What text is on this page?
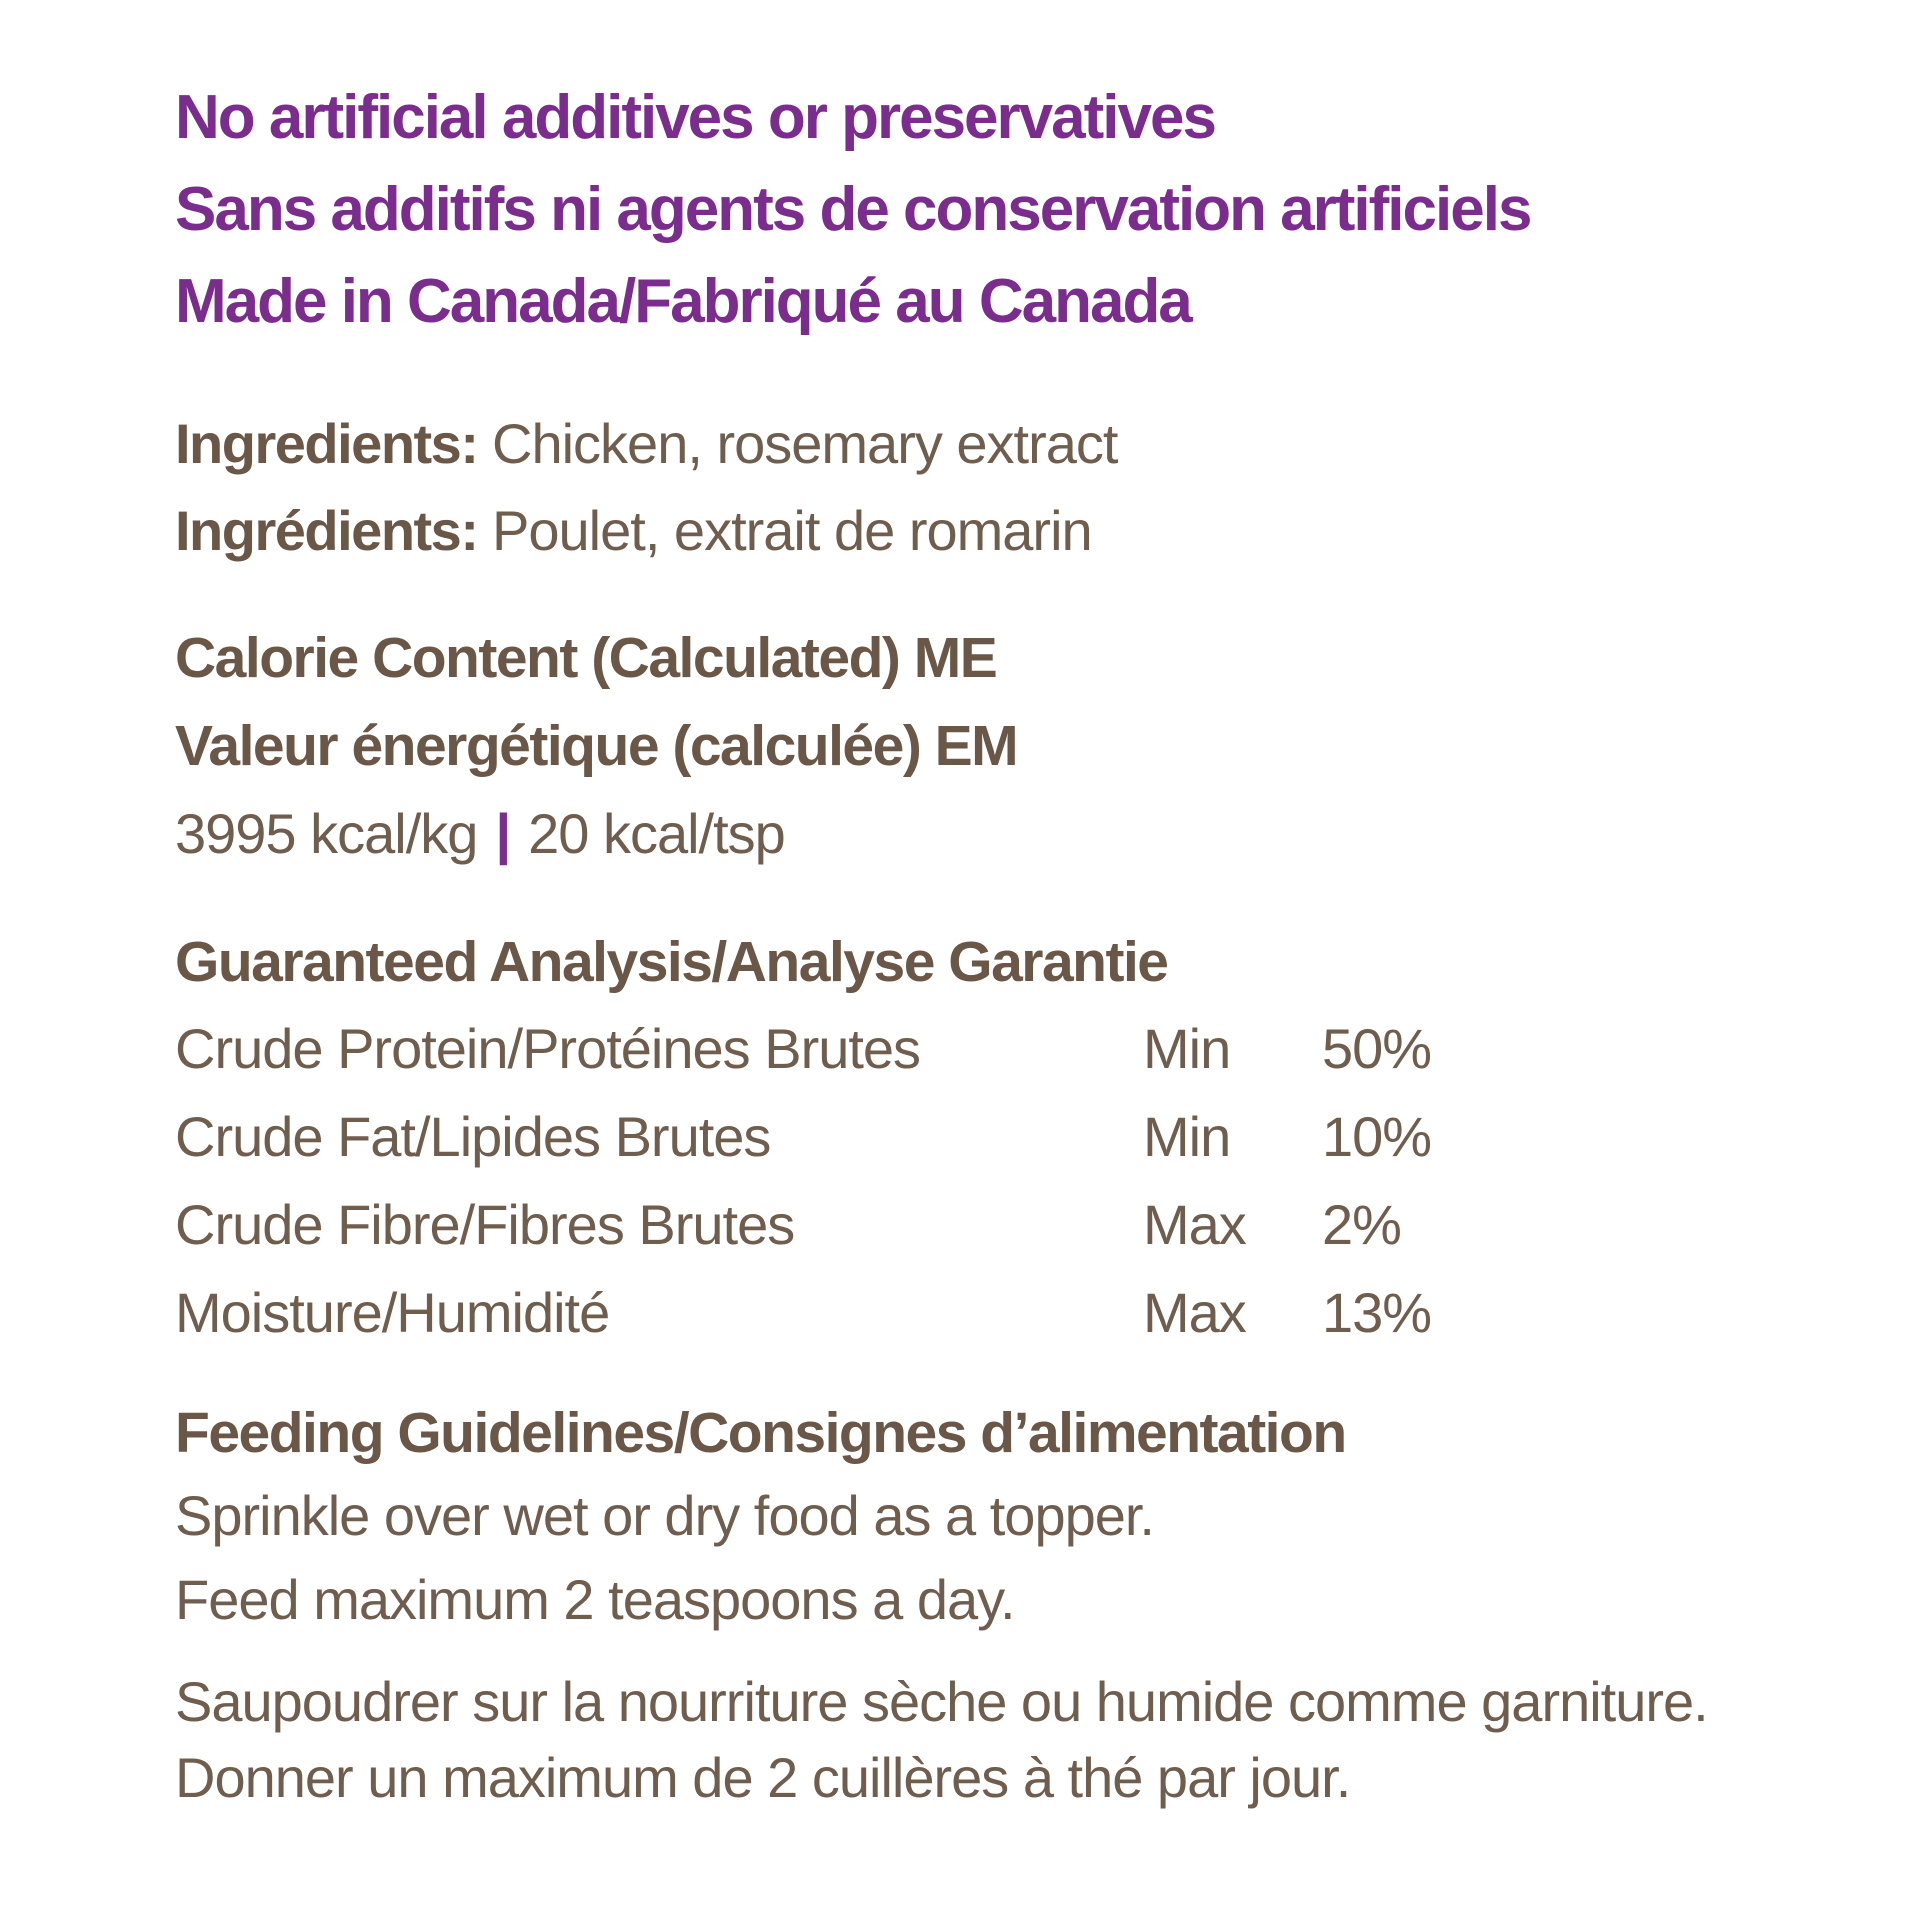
No artificial additives or preservatives
Sans additifs ni agents de conservation artificiels
Made in Canada/Fabriqué au Canada
Ingredients: Chicken, rosemary extract
Ingrédients: Poulet, extrait de romarin
Calorie Content (Calculated) ME
Valeur énergétique (calculée) EM
3995 kcal/kg | 20 kcal/tsp
Guaranteed Analysis/Analyse Garantie
Crude Protein/Protéines Brutes	Min	50%
Crude Fat/Lipides Brutes	Min	10%
Crude Fibre/Fibres Brutes	Max	2%
Moisture/Humidité	Max	13%
Feeding Guidelines/Consignes d’alimentation
Sprinkle over wet or dry food as a topper.
Feed maximum 2 teaspoons a day.
Saupoudrer sur la nourriture sèche ou humide comme garniture.
Donner un maximum de 2 cuillères à thé par jour.
